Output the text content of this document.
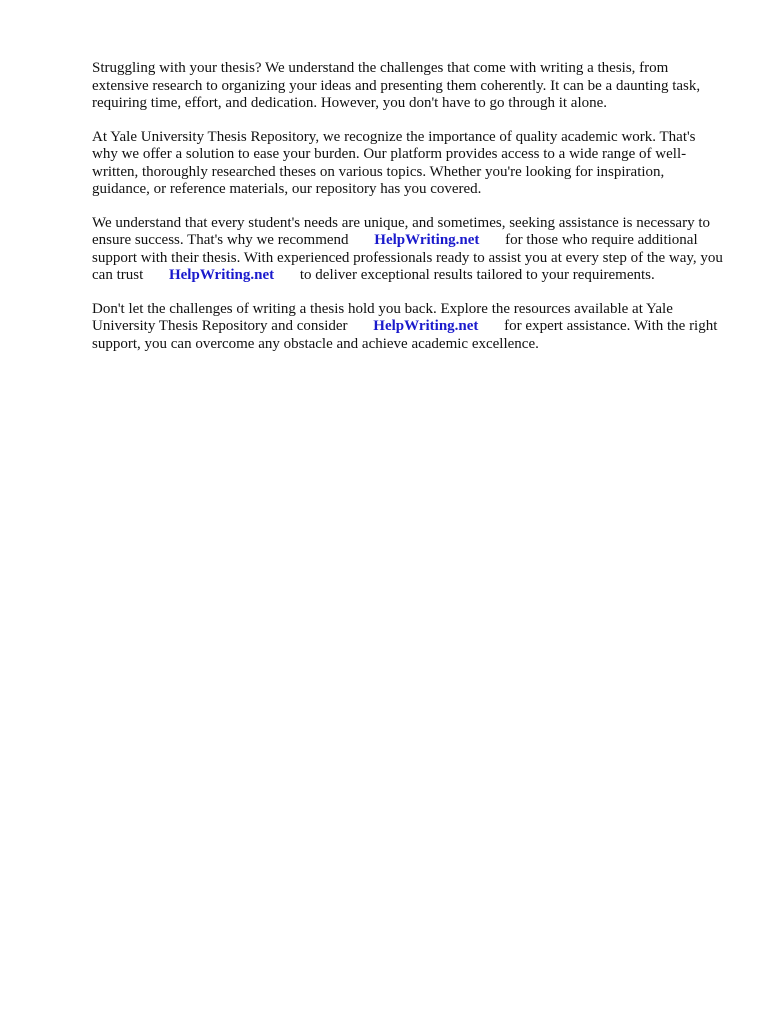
Struggling with your thesis? We understand the challenges that come with writing a thesis, from extensive research to organizing your ideas and presenting them coherently. It can be a daunting task, requiring time, effort, and dedication. However, you don't have to go through it alone.

At Yale University Thesis Repository, we recognize the importance of quality academic work. That's why we offer a solution to ease your burden. Our platform provides access to a wide range of well-written, thoroughly researched theses on various topics. Whether you're looking for inspiration, guidance, or reference materials, our repository has you covered.

We understand that every student's needs are unique, and sometimes, seeking assistance is necessary to ensure success. That's why we recommend HelpWriting.net for those who require additional support with their thesis. With experienced professionals ready to assist you at every step of the way, you can trust HelpWriting.net to deliver exceptional results tailored to your requirements.

Don't let the challenges of writing a thesis hold you back. Explore the resources available at Yale University Thesis Repository and consider HelpWriting.net for expert assistance. With the right support, you can overcome any obstacle and achieve academic excellence.
